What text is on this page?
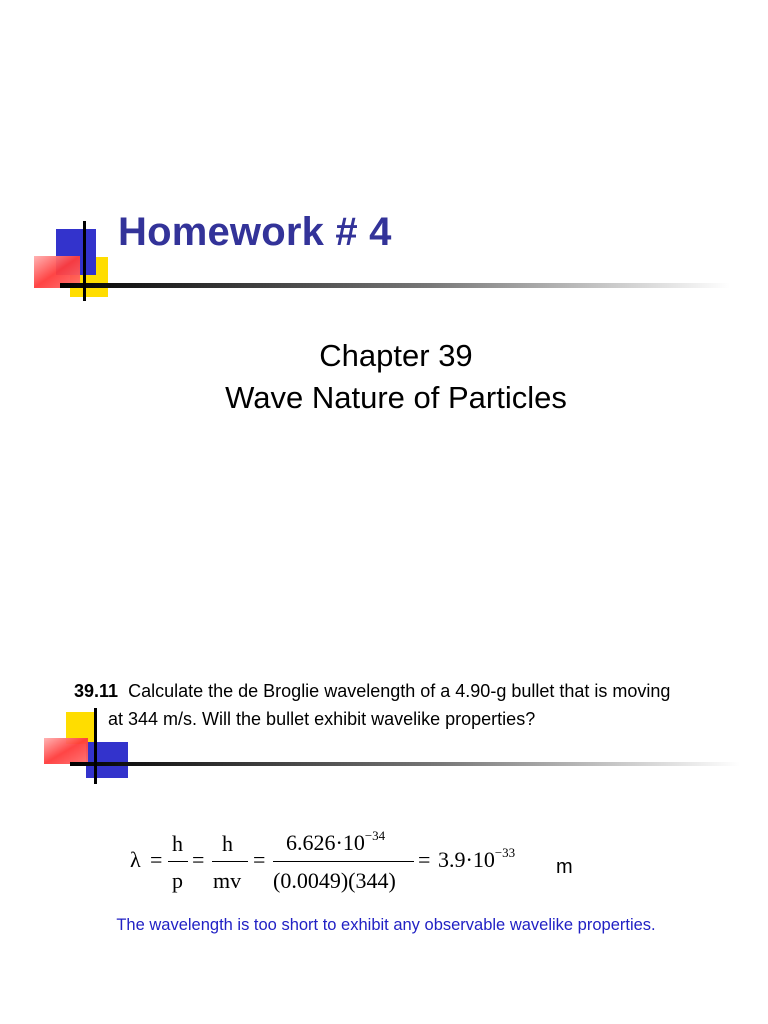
Homework # 4
Chapter 39
Wave Nature of Particles
39.11 Calculate the de Broglie wavelength of a 4.90-g bullet that is moving
at 344 m/s. Will the bullet exhibit wavelike properties?
λ =
h
p
=
h
mv
=
$6.626\cdot 10^{-34}$
(0.0049)(344)
= $3.9\cdot 10^{-33}$
m
The wavelength is too short to exhibit any observable wavelike properties.
